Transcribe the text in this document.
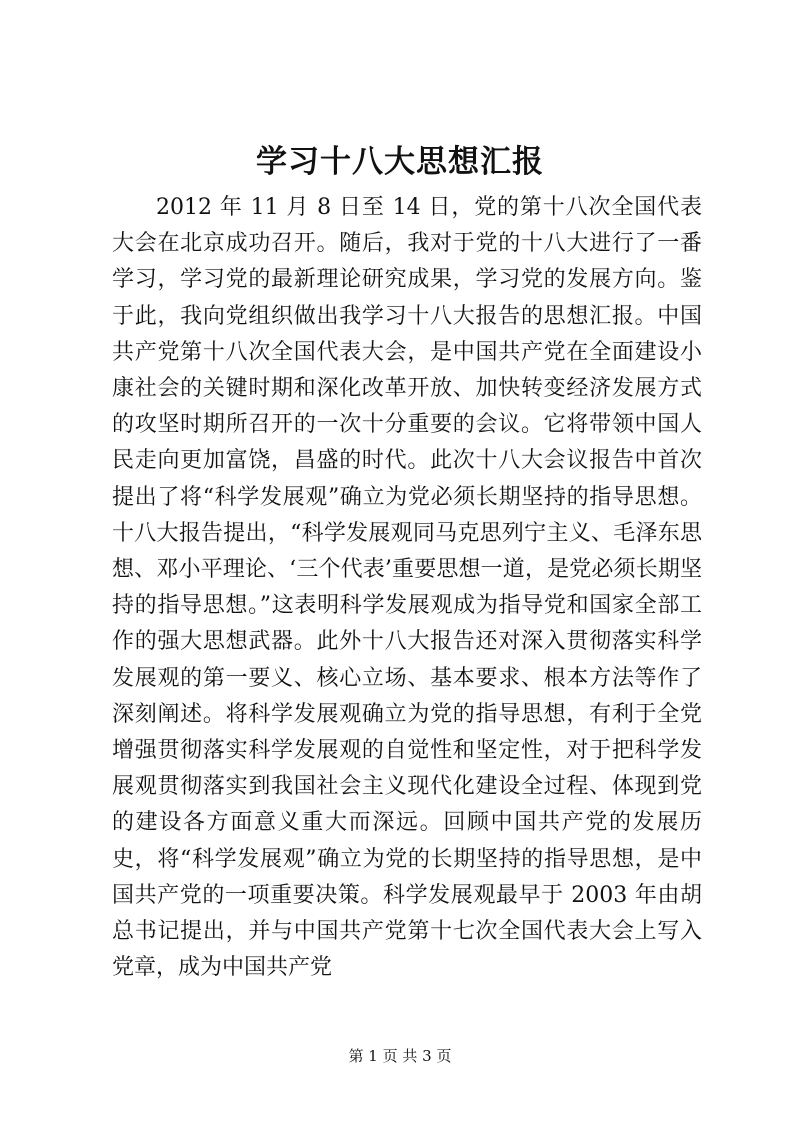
学习十八大思想汇报

2012 年 11 月 8 日至 14 日，党的第十八次全国代表大会在北京成功召开。随后，我对于党的十八大进行了一番学习，学习党的最新理论研究成果，学习党的发展方向。鉴于此，我向党组织做出我学习十八大报告的思想汇报。中国共产党第十八次全国代表大会，是中国共产党在全面建设小康社会的关键时期和深化改革开放、加快转变经济发展方式的攻坚时期所召开的一次十分重要的会议。它将带领中国人民走向更加富饶，昌盛的时代。此次十八大会议报告中首次提出了将“科学发展观”确立为党必须长期坚持的指导思想。十八大报告提出，“科学发展观同马克思列宁主义、毛泽东思想、邓小平理论、‘三个代表’重要思想一道，是党必须长期坚持的指导思想。”这表明科学发展观成为指导党和国家全部工作的强大思想武器。此外十八大报告还对深入贯彻落实科学发展观的第一要义、核心立场、基本要求、根本方法等作了深刻阐述。将科学发展观确立为党的指导思想，有利于全党增强贯彻落实科学发展观的自觉性和坚定性，对于把科学发展观贯彻落实到我国社会主义现代化建设全过程、体现到党的建设各方面意义重大而深远。回顾中国共产党的发展历史，将“科学发展观”确立为党的长期坚持的指导思想，是中国共产党的一项重要决策。科学发展观最早于 2003 年由胡总书记提出，并与中国共产党第十七次全国代表大会上写入党章，成为中国共产党

第 1 页 共 3 页
